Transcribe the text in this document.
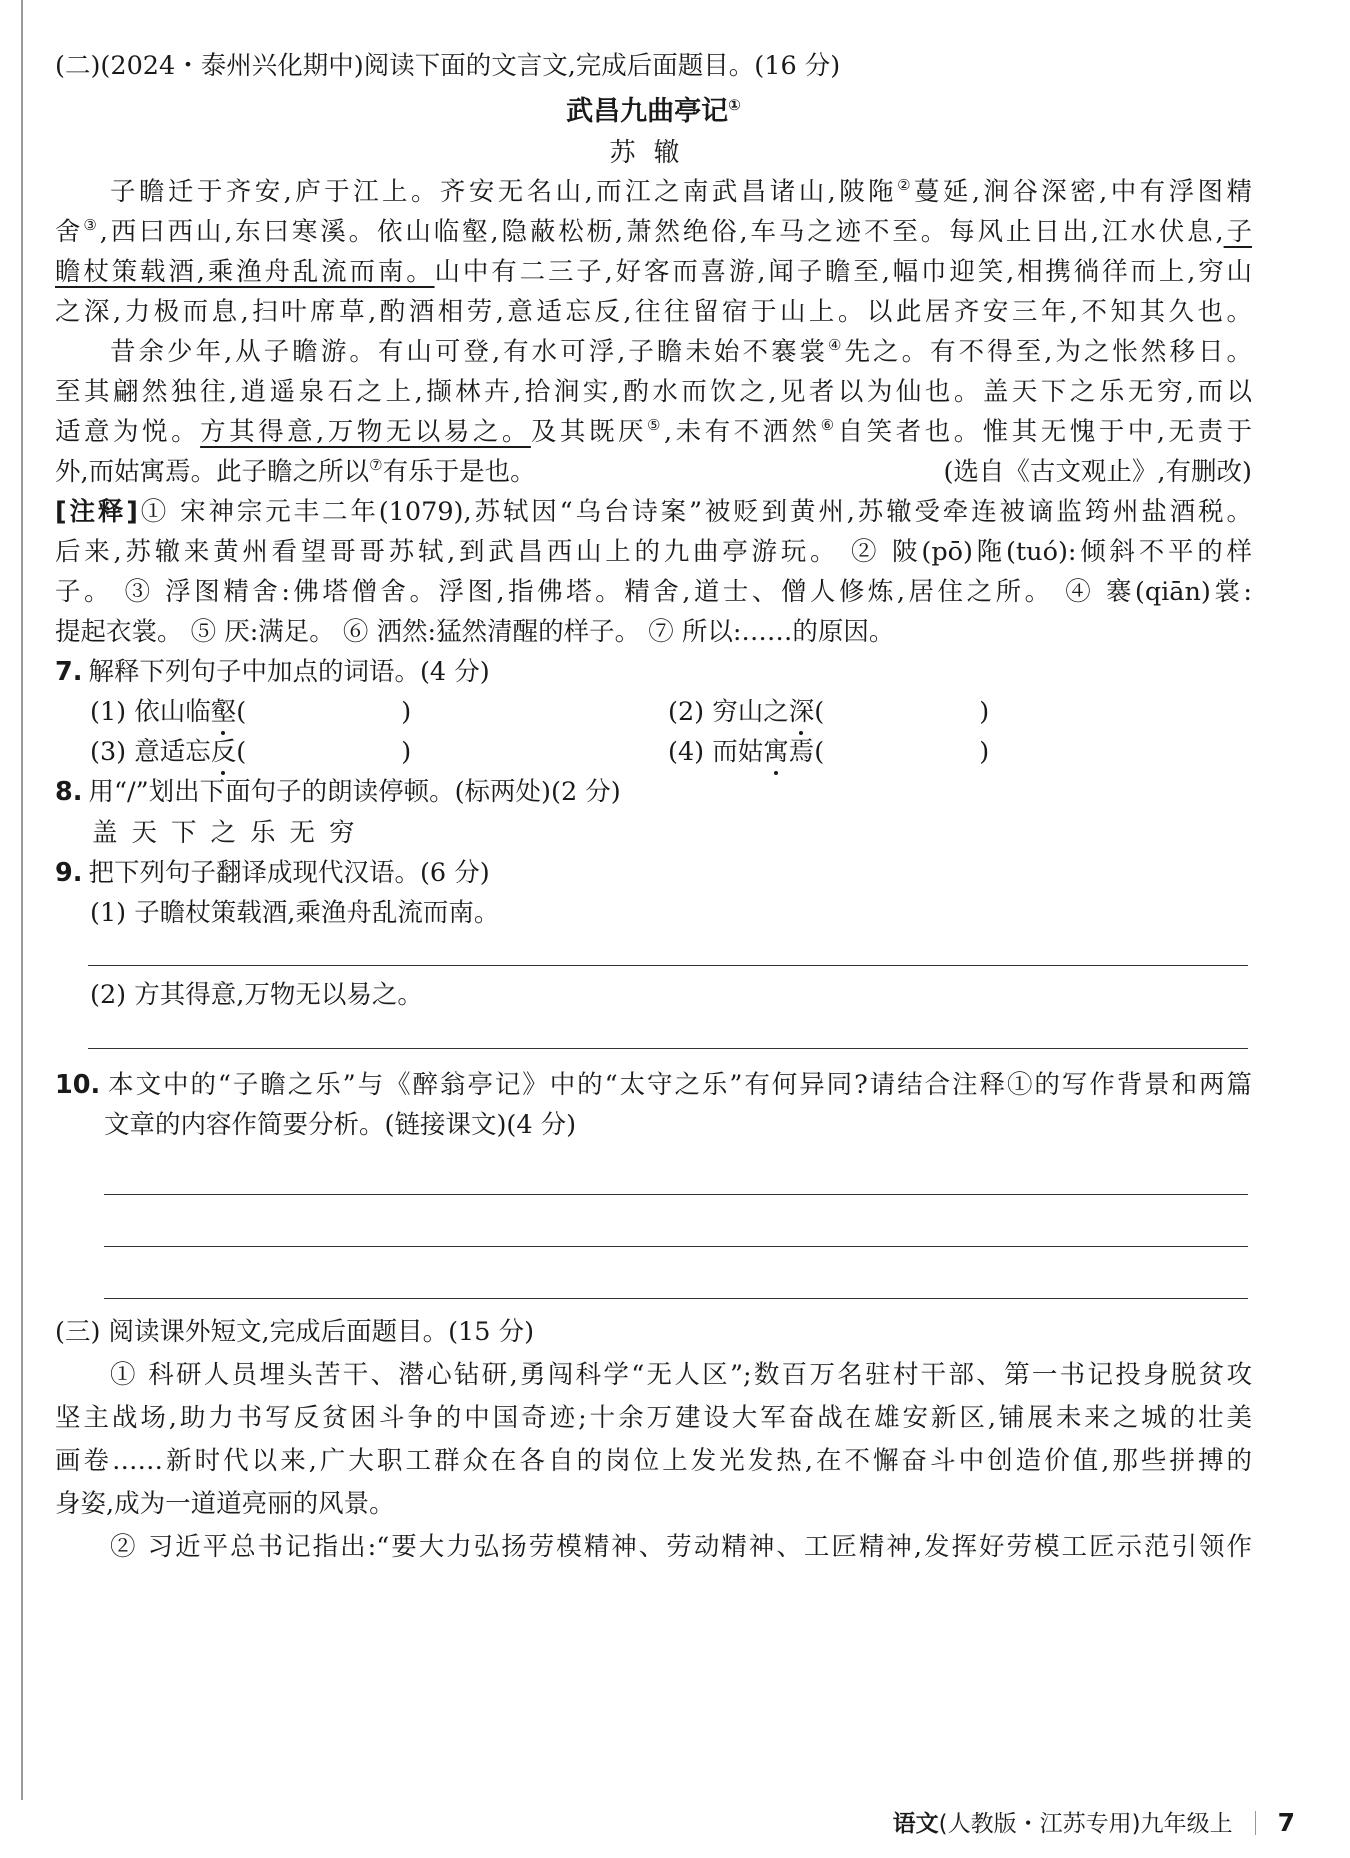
(二)(2024・泰州兴化期中)阅读下面的文言文,完成后面题目。(16 分)
武昌九曲亭记①
苏辙
子瞻迁于齐安,庐于江上。齐安无名山,而江之南武昌诸山,陂陁②蔓延,涧谷深密,中有浮图精
舍③,西曰西山,东曰寒溪。依山临壑,隐蔽松枥,萧然绝俗,车马之迹不至。每风止日出,江水伏息,子
瞻杖策载酒,乘渔舟乱流而南。山中有二三子,好客而喜游,闻子瞻至,幅巾迎笑,相携徜徉而上,穷山
之深,力极而息,扫叶席草,酌酒相劳,意适忘反,往往留宿于山上。以此居齐安三年,不知其久也。
昔余少年,从子瞻游。有山可登,有水可浮,子瞻未始不褰裳④先之。有不得至,为之怅然移日。
至其翩然独往,逍遥泉石之上,撷林卉,拾涧实,酌水而饮之,见者以为仙也。盖天下之乐无穷,而以
适意为悦。方其得意,万物无以易之。及其既厌⑤,未有不洒然⑥自笑者也。惟其无愧于中,无责于
外,而姑寓焉。此子瞻之所以⑦有乐于是也。	(选自《古文观止》,有删改)
[注释]① 宋神宗元丰二年(1079),苏轼因“乌台诗案”被贬到黄州,苏辙受牵连被谪监筠州盐酒税。
后来,苏辙来黄州看望哥哥苏轼,到武昌西山上的九曲亭游玩。 ② 陂(pō)陁(tuó):倾斜不平的样
子。 ③ 浮图精舍:佛塔僧舍。浮图,指佛塔。精舍,道士、僧人修炼,居住之所。 ④ 褰(qiān)裳:
提起衣裳。 ⑤ 厌:满足。 ⑥ 洒然:猛然清醒的样子。 ⑦ 所以:……的原因。
7. 解释下列句子中加点的词语。(4 分)
(1) 依山临壑(	)	(2) 穷山之深(	)
(3) 意适忘反(	)	(4) 而姑寓焉(	)
8. 用“/”划出下面句子的朗读停顿。(标两处)(2 分)
盖天下之乐无穷
9. 把下列句子翻译成现代汉语。(6 分)
(1) 子瞻杖策载酒,乘渔舟乱流而南。
(2) 方其得意,万物无以易之。
10. 本文中的“子瞻之乐”与《醉翁亭记》中的“太守之乐”有何异同?请结合注释①的写作背景和两篇
文章的内容作简要分析。(链接课文)(4 分)
(三) 阅读课外短文,完成后面题目。(15 分)
① 科研人员埋头苦干、潜心钻研,勇闯科学“无人区”;数百万名驻村干部、第一书记投身脱贫攻
坚主战场,助力书写反贫困斗争的中国奇迹;十余万建设大军奋战在雄安新区,铺展未来之城的壮美
画卷……新时代以来,广大职工群众在各自的岗位上发光发热,在不懈奋斗中创造价值,那些拼搏的
身姿,成为一道道亮丽的风景。
② 习近平总书记指出:“要大力弘扬劳模精神、劳动精神、工匠精神,发挥好劳模工匠示范引领作
语文(人教版・江苏专用)九年级上 7
